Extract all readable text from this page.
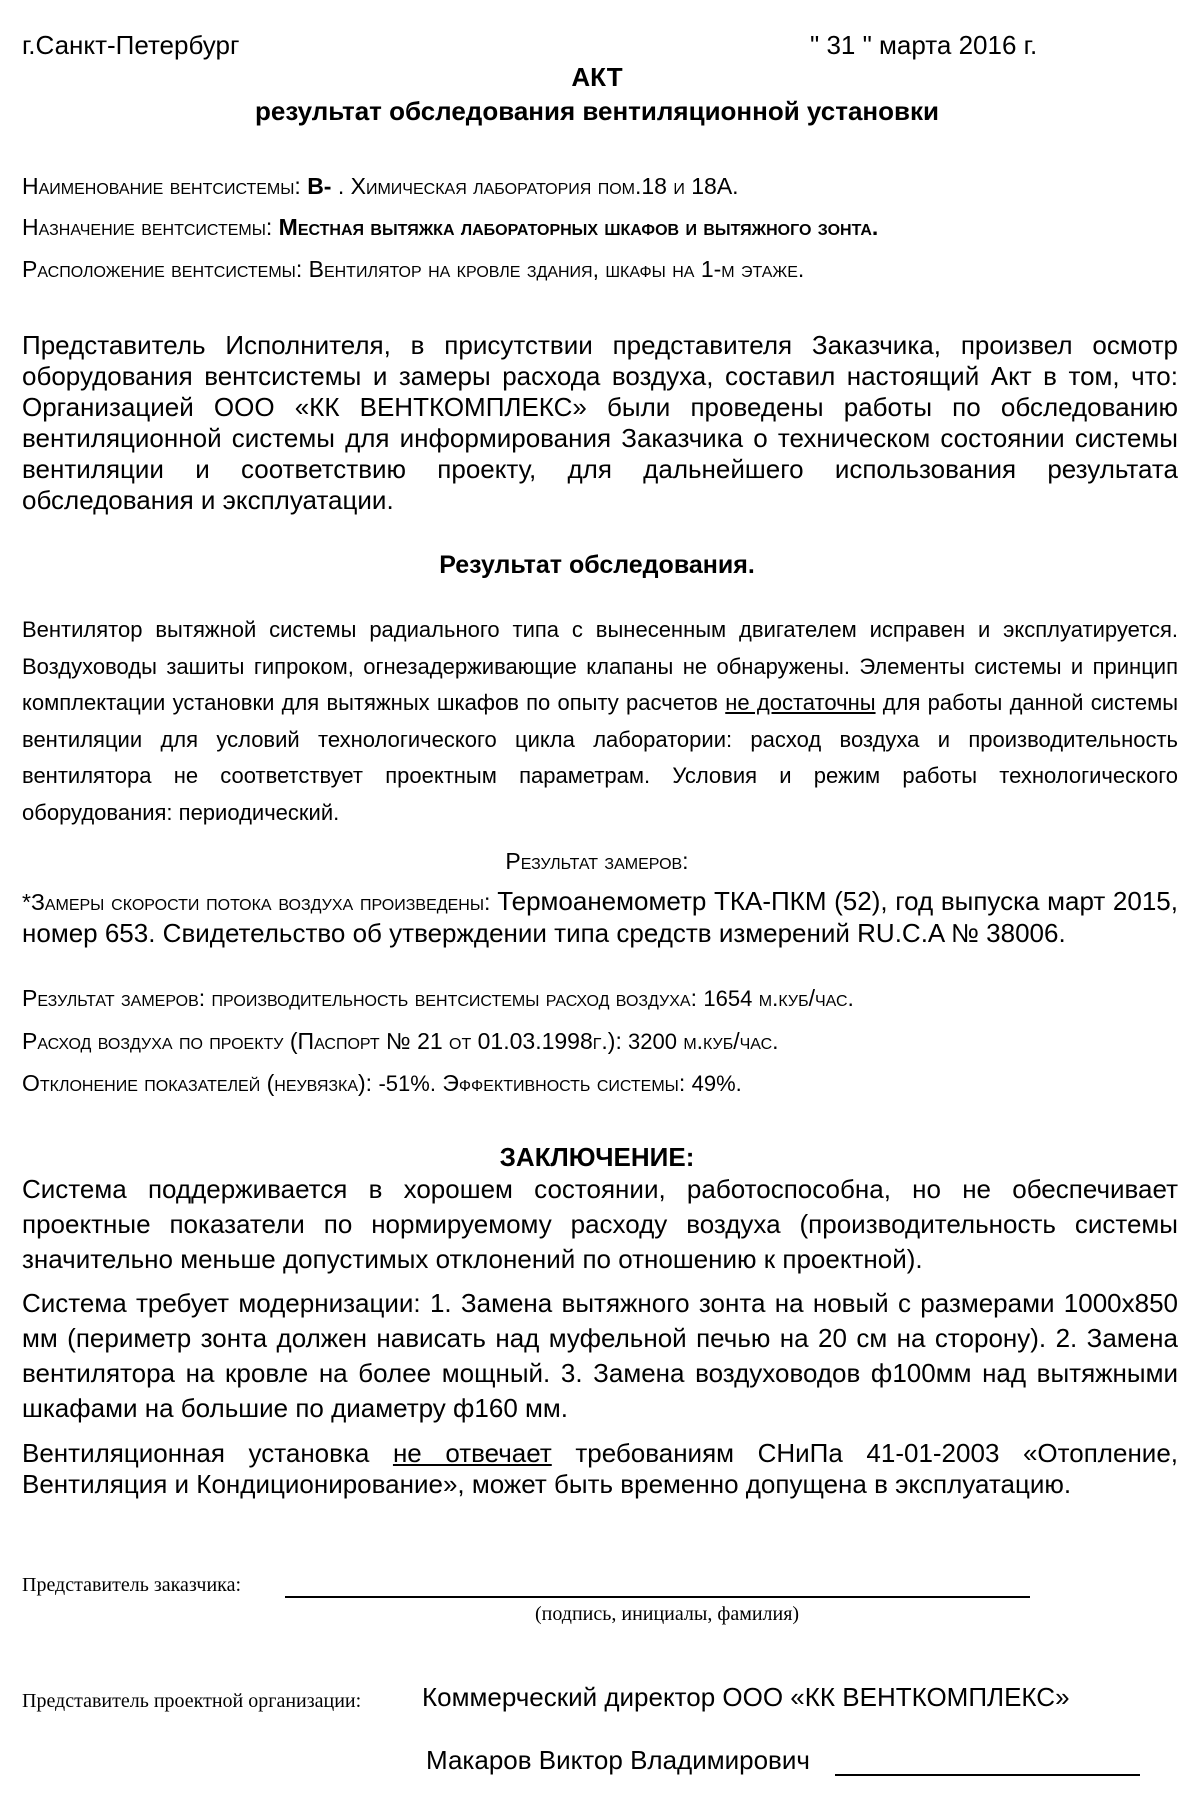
г.Санкт-Петербург	" 31 " марта 2016 г.
АКТ
результат обследования вентиляционной установки
Наименование вентсистемы: В- . Химическая лаборатория пом.18 и 18А.
Назначение вентсистемы: Местная вытяжка лабораторных шкафов и вытяжного зонта.
Расположение вентсистемы: Вентилятор на кровле здания, шкафы на 1-м этаже.
Представитель Исполнителя, в присутствии представителя Заказчика, произвел осмотр оборудования вентсистемы и замеры расхода воздуха, составил настоящий Акт в том, что: Организацией ООО «КК ВЕНТКОМПЛЕКС» были проведены работы по обследованию вентиляционной системы для информирования Заказчика о техническом состоянии системы вентиляции и соответствию проекту, для дальнейшего использования результата обследования и эксплуатации.
Результат обследования.
Вентилятор вытяжной системы радиального типа с вынесенным двигателем исправен и эксплуатируется. Воздуховоды зашиты гипроком, огнезадерживающие клапаны не обнаружены. Элементы системы и принцип комплектации установки для вытяжных шкафов по опыту расчетов не достаточны для работы данной системы вентиляции для условий технологического цикла лаборатории: расход воздуха и производительность вентилятора не соответствует проектным параметрам. Условия и режим работы технологического оборудования: периодический.
Результат замеров:
*Замеры скорости потока воздуха произведены: Термоанемометр ТКА-ПКМ (52), год выпуска март 2015, номер 653. Свидетельство об утверждении типа средств измерений RU.C.A № 38006.
Результат замеров: производительность вентсистемы расход воздуха: 1654 м.куб/час.
Расход воздуха по проекту (Паспорт № 21 от 01.03.1998г.): 3200 м.куб/час.
Отклонение показателей (неувязка): -51%. Эффективность системы: 49%.
ЗАКЛЮЧЕНИЕ:
Система поддерживается в хорошем состоянии, работоспособна, но не обеспечивает проектные показатели по нормируемому расходу воздуха (производительность системы значительно меньше допустимых отклонений по отношению к проектной).
Система требует модернизации: 1. Замена вытяжного зонта на новый с размерами 1000х850 мм (периметр зонта должен нависать над муфельной печью на 20 см на сторону). 2. Замена вентилятора на кровле на более мощный. 3. Замена воздуховодов ф100мм над вытяжными шкафами на большие по диаметру ф160 мм.
Вентиляционная установка не отвечает требованиям СНиПа 41-01-2003 «Отопление, Вентиляция и Кондиционирование», может быть временно допущена в эксплуатацию.
Представитель заказчика:
(подпись, инициалы, фамилия)
Представитель проектной организации: Коммерческий директор ООО «КК ВЕНТКОМПЛЕКС»
Макаров Виктор Владимирович
